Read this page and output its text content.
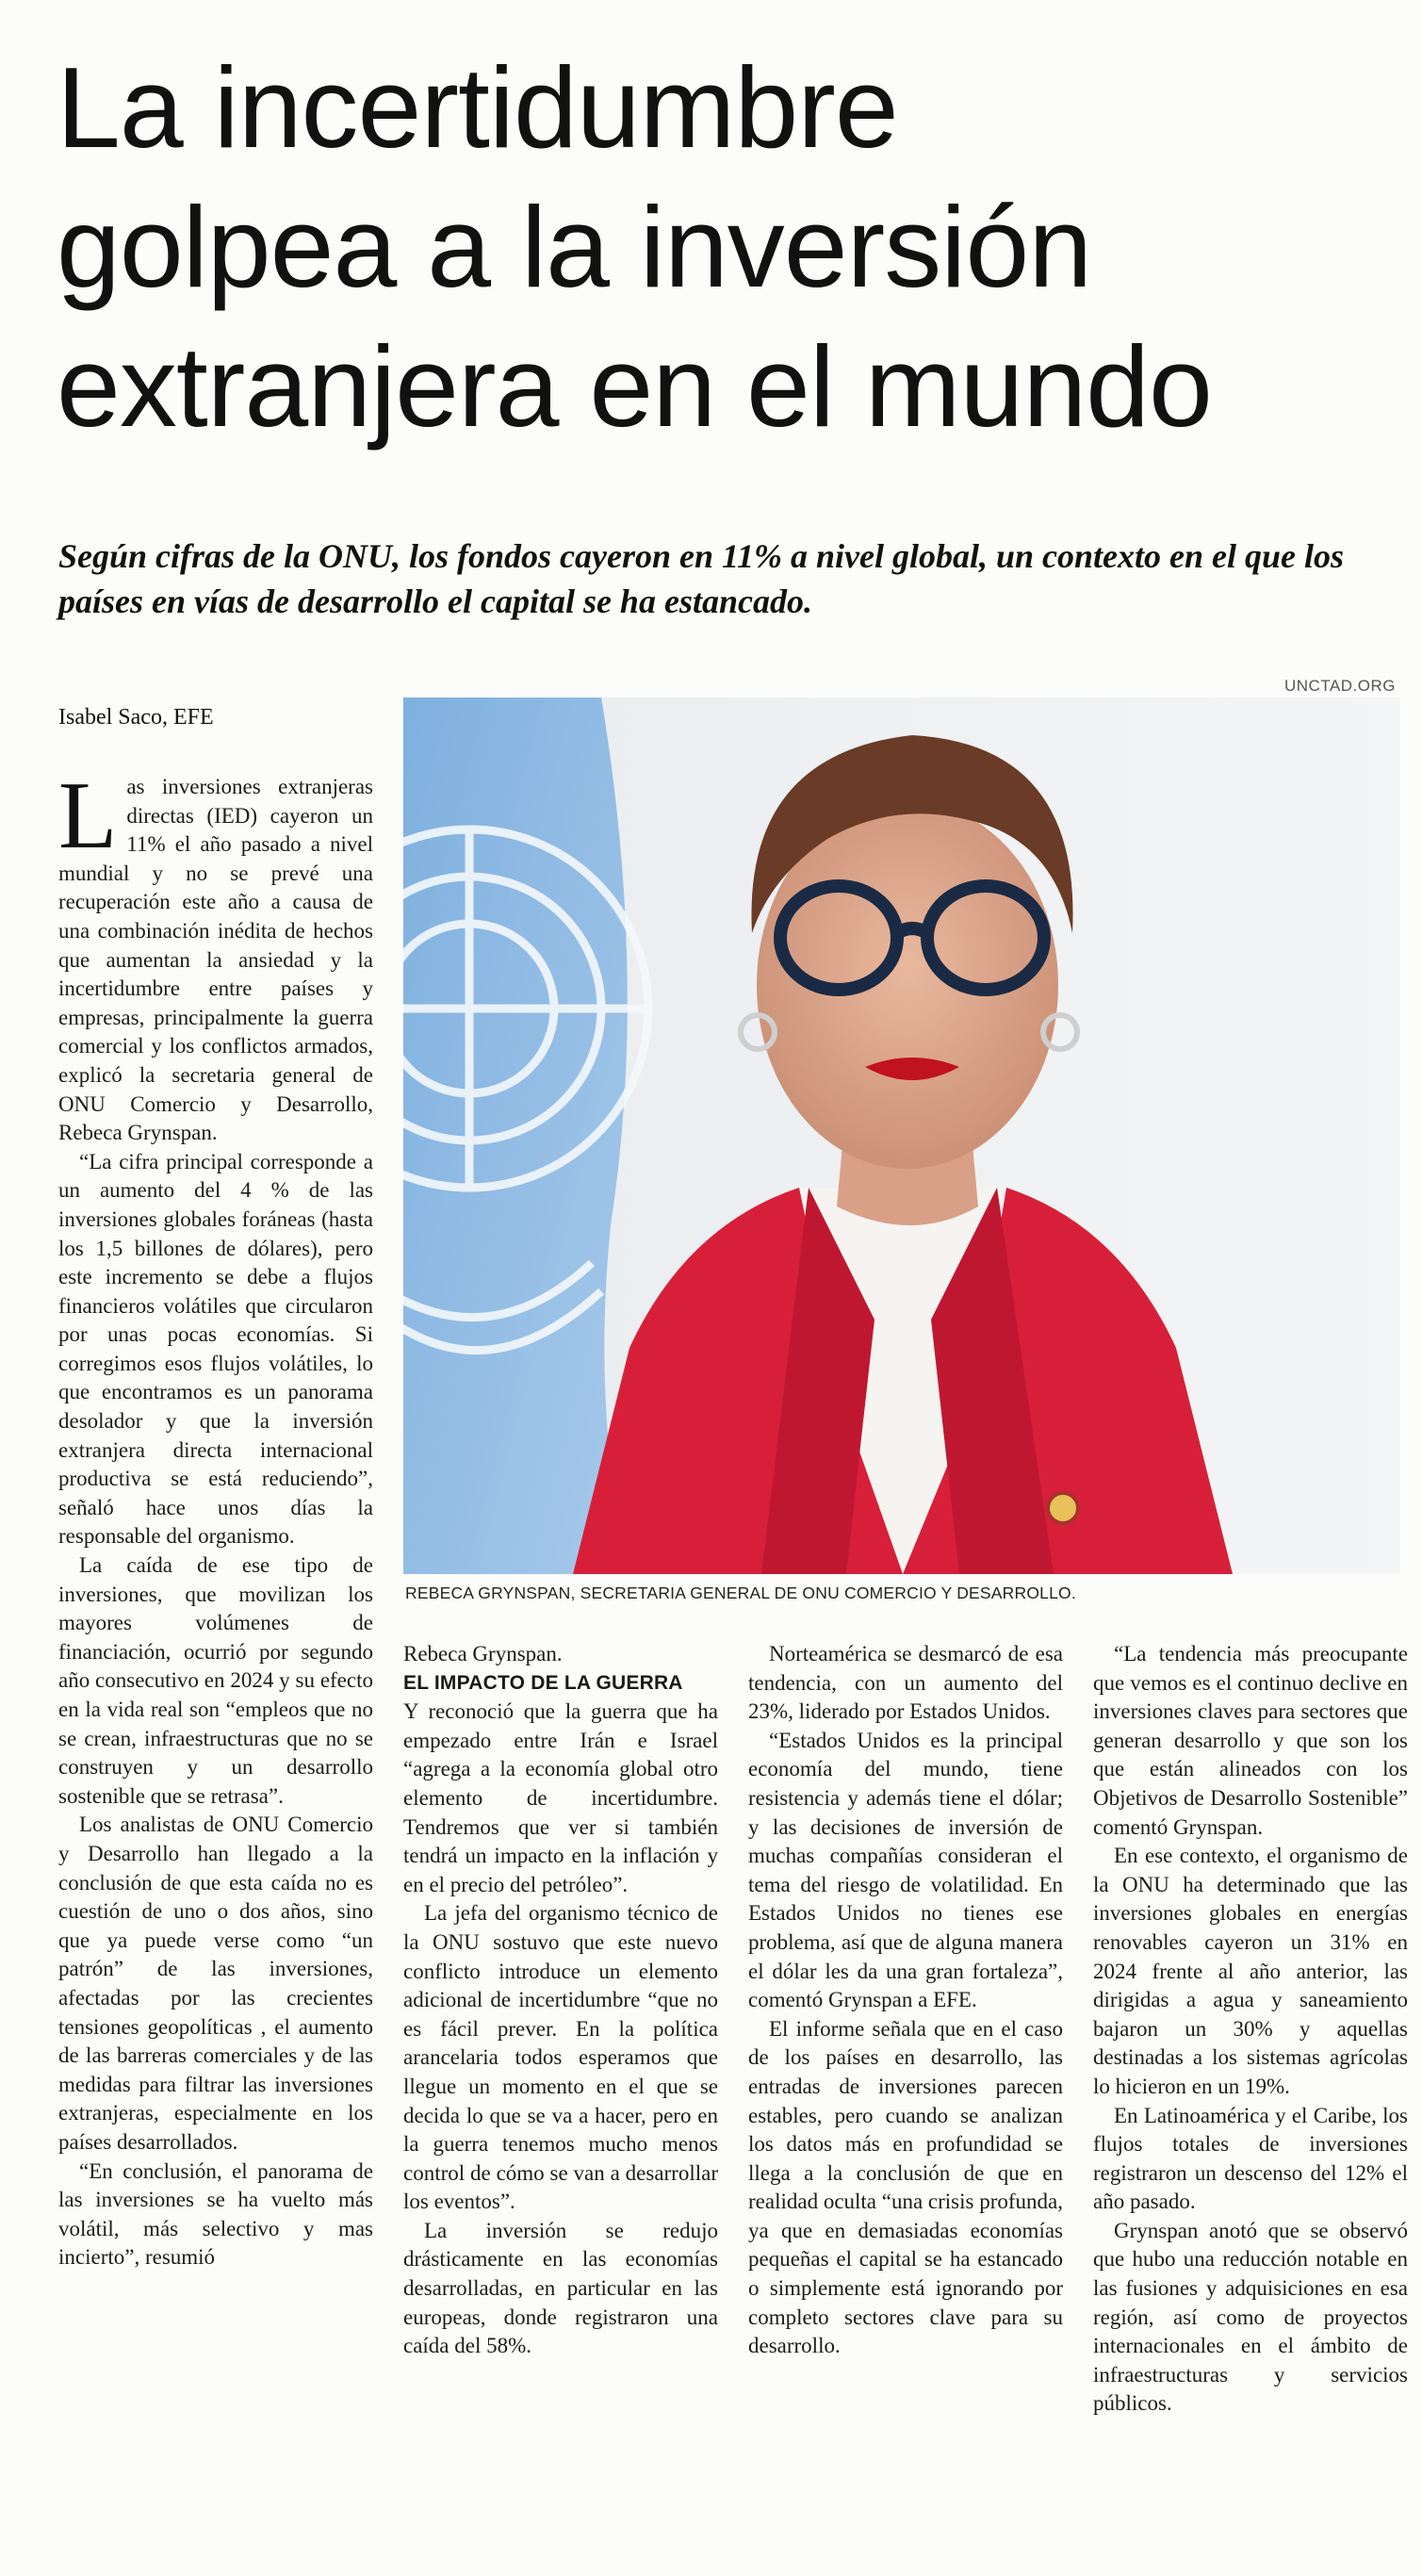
La incertidumbre
golpea a la inversión
extranjera en el mundo

Según cifras de la ONU, los fondos cayeron en 11% a nivel global, un contexto en el que los países en vías de desarrollo el capital se ha estancado.

UNCTAD.ORG
Isabel Saco, EFE
REBECA GRYNSPAN, SECRETARIA GENERAL DE ONU COMERCIO Y DESARROLLO.

Las inversiones extranjeras directas (IED) cayeron un 11% el año pasado a nivel mundial y no se prevé una recuperación este año a causa de una combinación inédita de hechos que aumentan la ansiedad y la incertidumbre entre países y empresas, principalmente la guerra comercial y los conflictos armados, explicó la secretaria general de ONU Comercio y Desarrollo, Rebeca Grynspan.

“La cifra principal corresponde a un aumento del 4 % de las inversiones globales foráneas (hasta los 1,5 billones de dólares), pero este incremento se debe a flujos financieros volátiles que circularon por unas pocas economías. Si corregimos esos flujos volátiles, lo que encontramos es un panorama desolador y que la inversión extranjera directa internacional productiva se está reduciendo”, señaló hace unos días la responsable del organismo.

La caída de ese tipo de inversiones, que movilizan los mayores volúmenes de financiación, ocurrió por segundo año consecutivo en 2024 y su efecto en la vida real son “empleos que no se crean, infraestructuras que no se construyen y un desarrollo sostenible que se retrasa”.

Los analistas de ONU Comercio y Desarrollo han llegado a la conclusión de que esta caída no es cuestión de uno o dos años, sino que ya puede verse como “un patrón” de las inversiones, afectadas por las crecientes tensiones geopolíticas , el aumento de las barreras comerciales y de las medidas para filtrar las inversiones extranjeras, especialmente en los países desarrollados.

“En conclusión, el panorama de las inversiones se ha vuelto más volátil, más selectivo y mas incierto”, resumió

Rebeca Grynspan.

EL IMPACTO DE LA GUERRA

Y reconoció que la guerra que ha empezado entre Irán e Israel “agrega a la economía global otro elemento de incertidumbre. Tendremos que ver si también tendrá un impacto en la inflación y en el precio del petróleo”.

La jefa del organismo técnico de la ONU sostuvo que este nuevo conflicto introduce un elemento adicional de incertidumbre “que no es fácil prever. En la política arancelaria todos esperamos que llegue un momento en el que se decida lo que se va a hacer, pero en la guerra tenemos mucho menos control de cómo se van a desarrollar los eventos”.

La inversión se redujo drásticamente en las economías desarrolladas, en particular en las europeas, donde registraron una caída del 58%.

Norteamérica se desmarcó de esa tendencia, con un aumento del 23%, liderado por Estados Unidos.

“Estados Unidos es la principal economía del mundo, tiene resistencia y además tiene el dólar; y las decisiones de inversión de muchas compañías consideran el tema del riesgo de volatilidad. En Estados Unidos no tienes ese problema, así que de alguna manera el dólar les da una gran fortaleza”, comentó Grynspan a EFE.

El informe señala que en el caso de los países en desarrollo, las entradas de inversiones parecen estables, pero cuando se analizan los datos más en profundidad se llega a la conclusión de que en realidad oculta “una crisis profunda, ya que en demasiadas economías pequeñas el capital se ha estancado o simplemente está ignorando por completo sectores clave para su desarrollo.

“La tendencia más preocupante que vemos es el continuo declive en inversiones claves para sectores que generan desarrollo y que son los que están alineados con los Objetivos de Desarrollo Sostenible” comentó Grynspan.

En ese contexto, el organismo de la ONU ha determinado que las inversiones globales en energías renovables cayeron un 31% en 2024 frente al año anterior, las dirigidas a agua y saneamiento bajaron un 30% y aquellas destinadas a los sistemas agrícolas lo hicieron en un 19%.

En Latinoamérica y el Caribe, los flujos totales de inversiones registraron un descenso del 12% el año pasado.

Grynspan anotó que se observó que hubo una reducción notable en las fusiones y adquisiciones en esa región, así como de proyectos internacionales en el ámbito de infraestructuras y servicios públicos.
